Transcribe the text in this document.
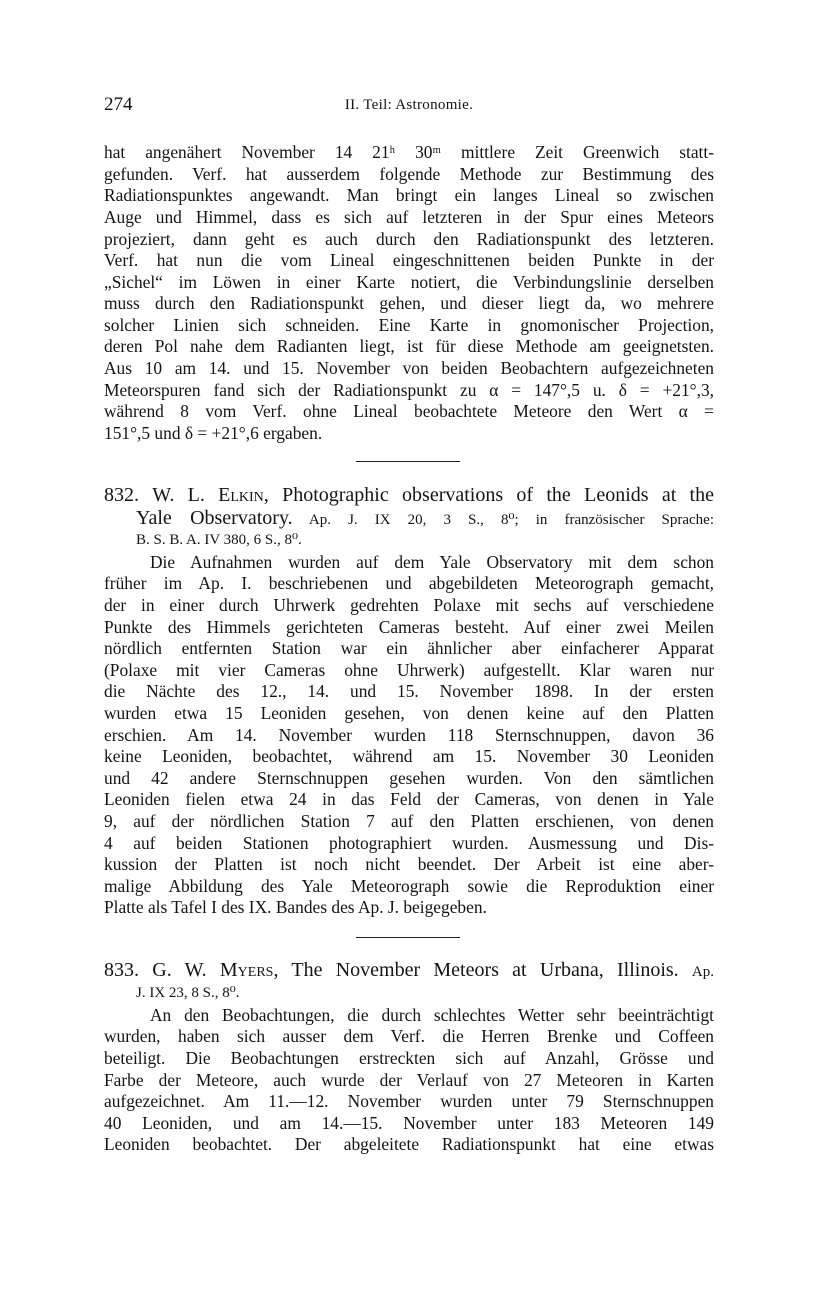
274	II. Teil: Astronomie.
hat angenähert November 14 21ʰ 30ᵐ mittlere Zeit Greenwich statt-
gefunden. Verf. hat ausserdem folgende Methode zur Bestimmung des
Radiationspunktes angewandt. Man bringt ein langes Lineal so zwischen
Auge und Himmel, dass es sich auf letzteren in der Spur eines Meteors
projeziert, dann geht es auch durch den Radiationspunkt des letzteren.
Verf. hat nun die vom Lineal eingeschnittenen beiden Punkte in der
„Sichel“ im Löwen in einer Karte notiert, die Verbindungslinie derselben
muss durch den Radiationspunkt gehen, und dieser liegt da, wo mehrere
solcher Linien sich schneiden. Eine Karte in gnomonischer Projection,
deren Pol nahe dem Radianten liegt, ist für diese Methode am geeignetsten.
Aus 10 am 14. und 15. November von beiden Beobachtern aufgezeichneten
Meteorspuren fand sich der Radiationspunkt zu α = 147°,5 u. δ = +21°,3,
während 8 vom Verf. ohne Lineal beobachtete Meteore den Wert α =
151°,5 und δ = +21°,6 ergaben.
832. W. L. Elkin, Photographic observations of the Leonids at the
Yale Observatory. Ap. J. IX 20, 3 S., 8⁰; in französischer Sprache:
B. S. B. A. IV 380, 6 S., 8⁰.
Die Aufnahmen wurden auf dem Yale Observatory mit dem schon
früher im Ap. I. beschriebenen und abgebildeten Meteorograph gemacht,
der in einer durch Uhrwerk gedrehten Polaxe mit sechs auf verschiedene
Punkte des Himmels gerichteten Cameras besteht. Auf einer zwei Meilen
nördlich entfernten Station war ein ähnlicher aber einfacherer Apparat
(Polaxe mit vier Cameras ohne Uhrwerk) aufgestellt. Klar waren nur
die Nächte des 12., 14. und 15. November 1898. In der ersten
wurden etwa 15 Leoniden gesehen, von denen keine auf den Platten
erschien. Am 14. November wurden 118 Sternschnuppen, davon 36
keine Leoniden, beobachtet, während am 15. November 30 Leoniden
und 42 andere Sternschnuppen gesehen wurden. Von den sämtlichen
Leoniden fielen etwa 24 in das Feld der Cameras, von denen in Yale
9, auf der nördlichen Station 7 auf den Platten erschienen, von denen
4 auf beiden Stationen photographiert wurden. Ausmessung und Dis-
kussion der Platten ist noch nicht beendet. Der Arbeit ist eine aber-
malige Abbildung des Yale Meteorograph sowie die Reproduktion einer
Platte als Tafel I des IX. Bandes des Ap. J. beigegeben.
833. G. W. Myers, The November Meteors at Urbana, Illinois. Ap.
J. IX 23, 8 S., 8⁰.
An den Beobachtungen, die durch schlechtes Wetter sehr beeinträchtigt
wurden, haben sich ausser dem Verf. die Herren Brenke und Coffeen
beteiligt. Die Beobachtungen erstreckten sich auf Anzahl, Grösse und
Farbe der Meteore, auch wurde der Verlauf von 27 Meteoren in Karten
aufgezeichnet. Am 11.—12. November wurden unter 79 Sternschnuppen
40 Leoniden, und am 14.—15. November unter 183 Meteoren 149
Leoniden beobachtet. Der abgeleitete Radiationspunkt hat eine etwas
